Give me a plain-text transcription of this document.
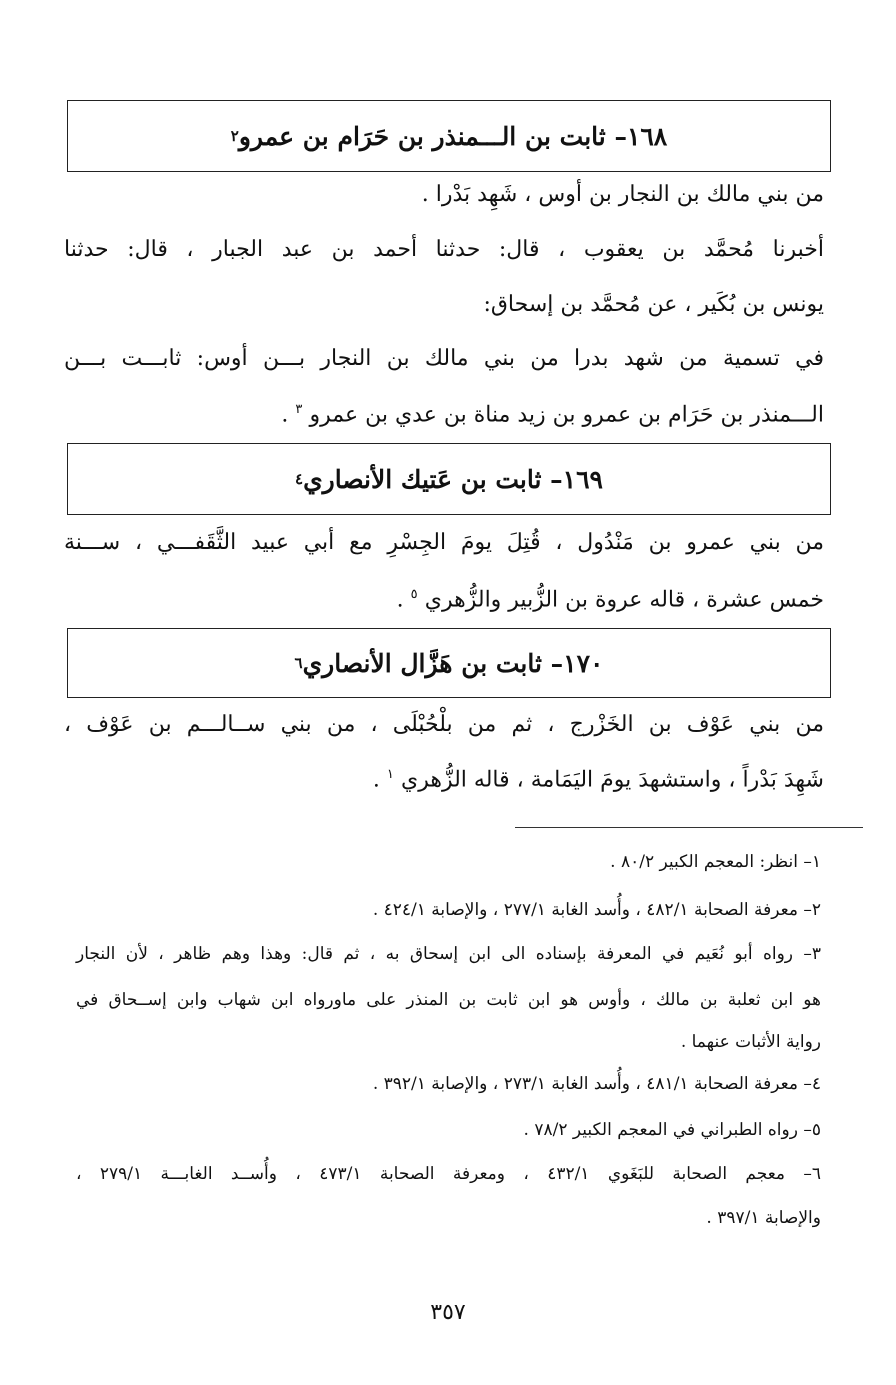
١٦٨– ثابت بن الـــمنذر بن حَرَام بن عمرو
٢
من بني مالك بن النجار بن أوس ، شَهِد بَدْرا .
أخبرنا مُحمَّد بن يعقوب ، قال: حدثنا أحمد بن عبد الجبار ، قال: حدثنا
يونس بن بُكَير ، عن مُحمَّد بن إسحاق:
في تسمية من شهد بدرا من بني مالك بن النجار بـــن أوس: ثابـــت بـــن
الـــمنذر بن حَرَام بن عمرو بن زيد مناة بن عدي بن عمرو $^٣$ .
١٦٩– ثابت بن عَتيك الأنصاري
٤
من بني عمرو بن مَنْدُول ، قُتِلَ يومَ الجِسْرِ مع أبي عبيد الثَّقَفـــي ، ســـنة
خمس عشرة ، قاله عروة بن الزُّبير والزُّهري $^٥$ .
١٧٠– ثابت بن هَزَّال الأنصاري
٦
من بني عَوْف بن الخَزْرج ، ثم من بلْحُبْلَى ، من بني ســالـــم بن عَوْف ،
شَهِدَ بَدْراً ، واستشهدَ يومَ اليَمَامة ، قاله الزُّهري $^١$ .
١– انظر: المعجم الكبير ٨٠/٢ .
٢– معرفة الصحابة ٤٨٢/١ ، وأُسد الغابة ٢٧٧/١ ، والإصابة ٤٢٤/١ .
٣– رواه أبو نُعَيم في المعرفة بإسناده الى ابن إسحاق به ، ثم قال: وهذا وهم ظاهر ، لأن النجار
هو ابن ثعلبة بن مالك ، وأوس هو ابن ثابت بن المنذر على ماورواه ابن شهاب وابن إســحاق في
رواية الأثبات عنهما .
٤– معرفة الصحابة ٤٨١/١ ، وأُسد الغابة ٢٧٣/١ ، والإصابة ٣٩٢/١ .
٥– رواه الطبراني في المعجم الكبير ٧٨/٢ .
٦– معجم الصحابة للبَغَوي ٤٣٢/١ ، ومعرفة الصحابة ٤٧٣/١ ، وأُســد الغابـــة ٢٧٩/١ ،
والإصابة ٣٩٧/١ .
٣٥٧
